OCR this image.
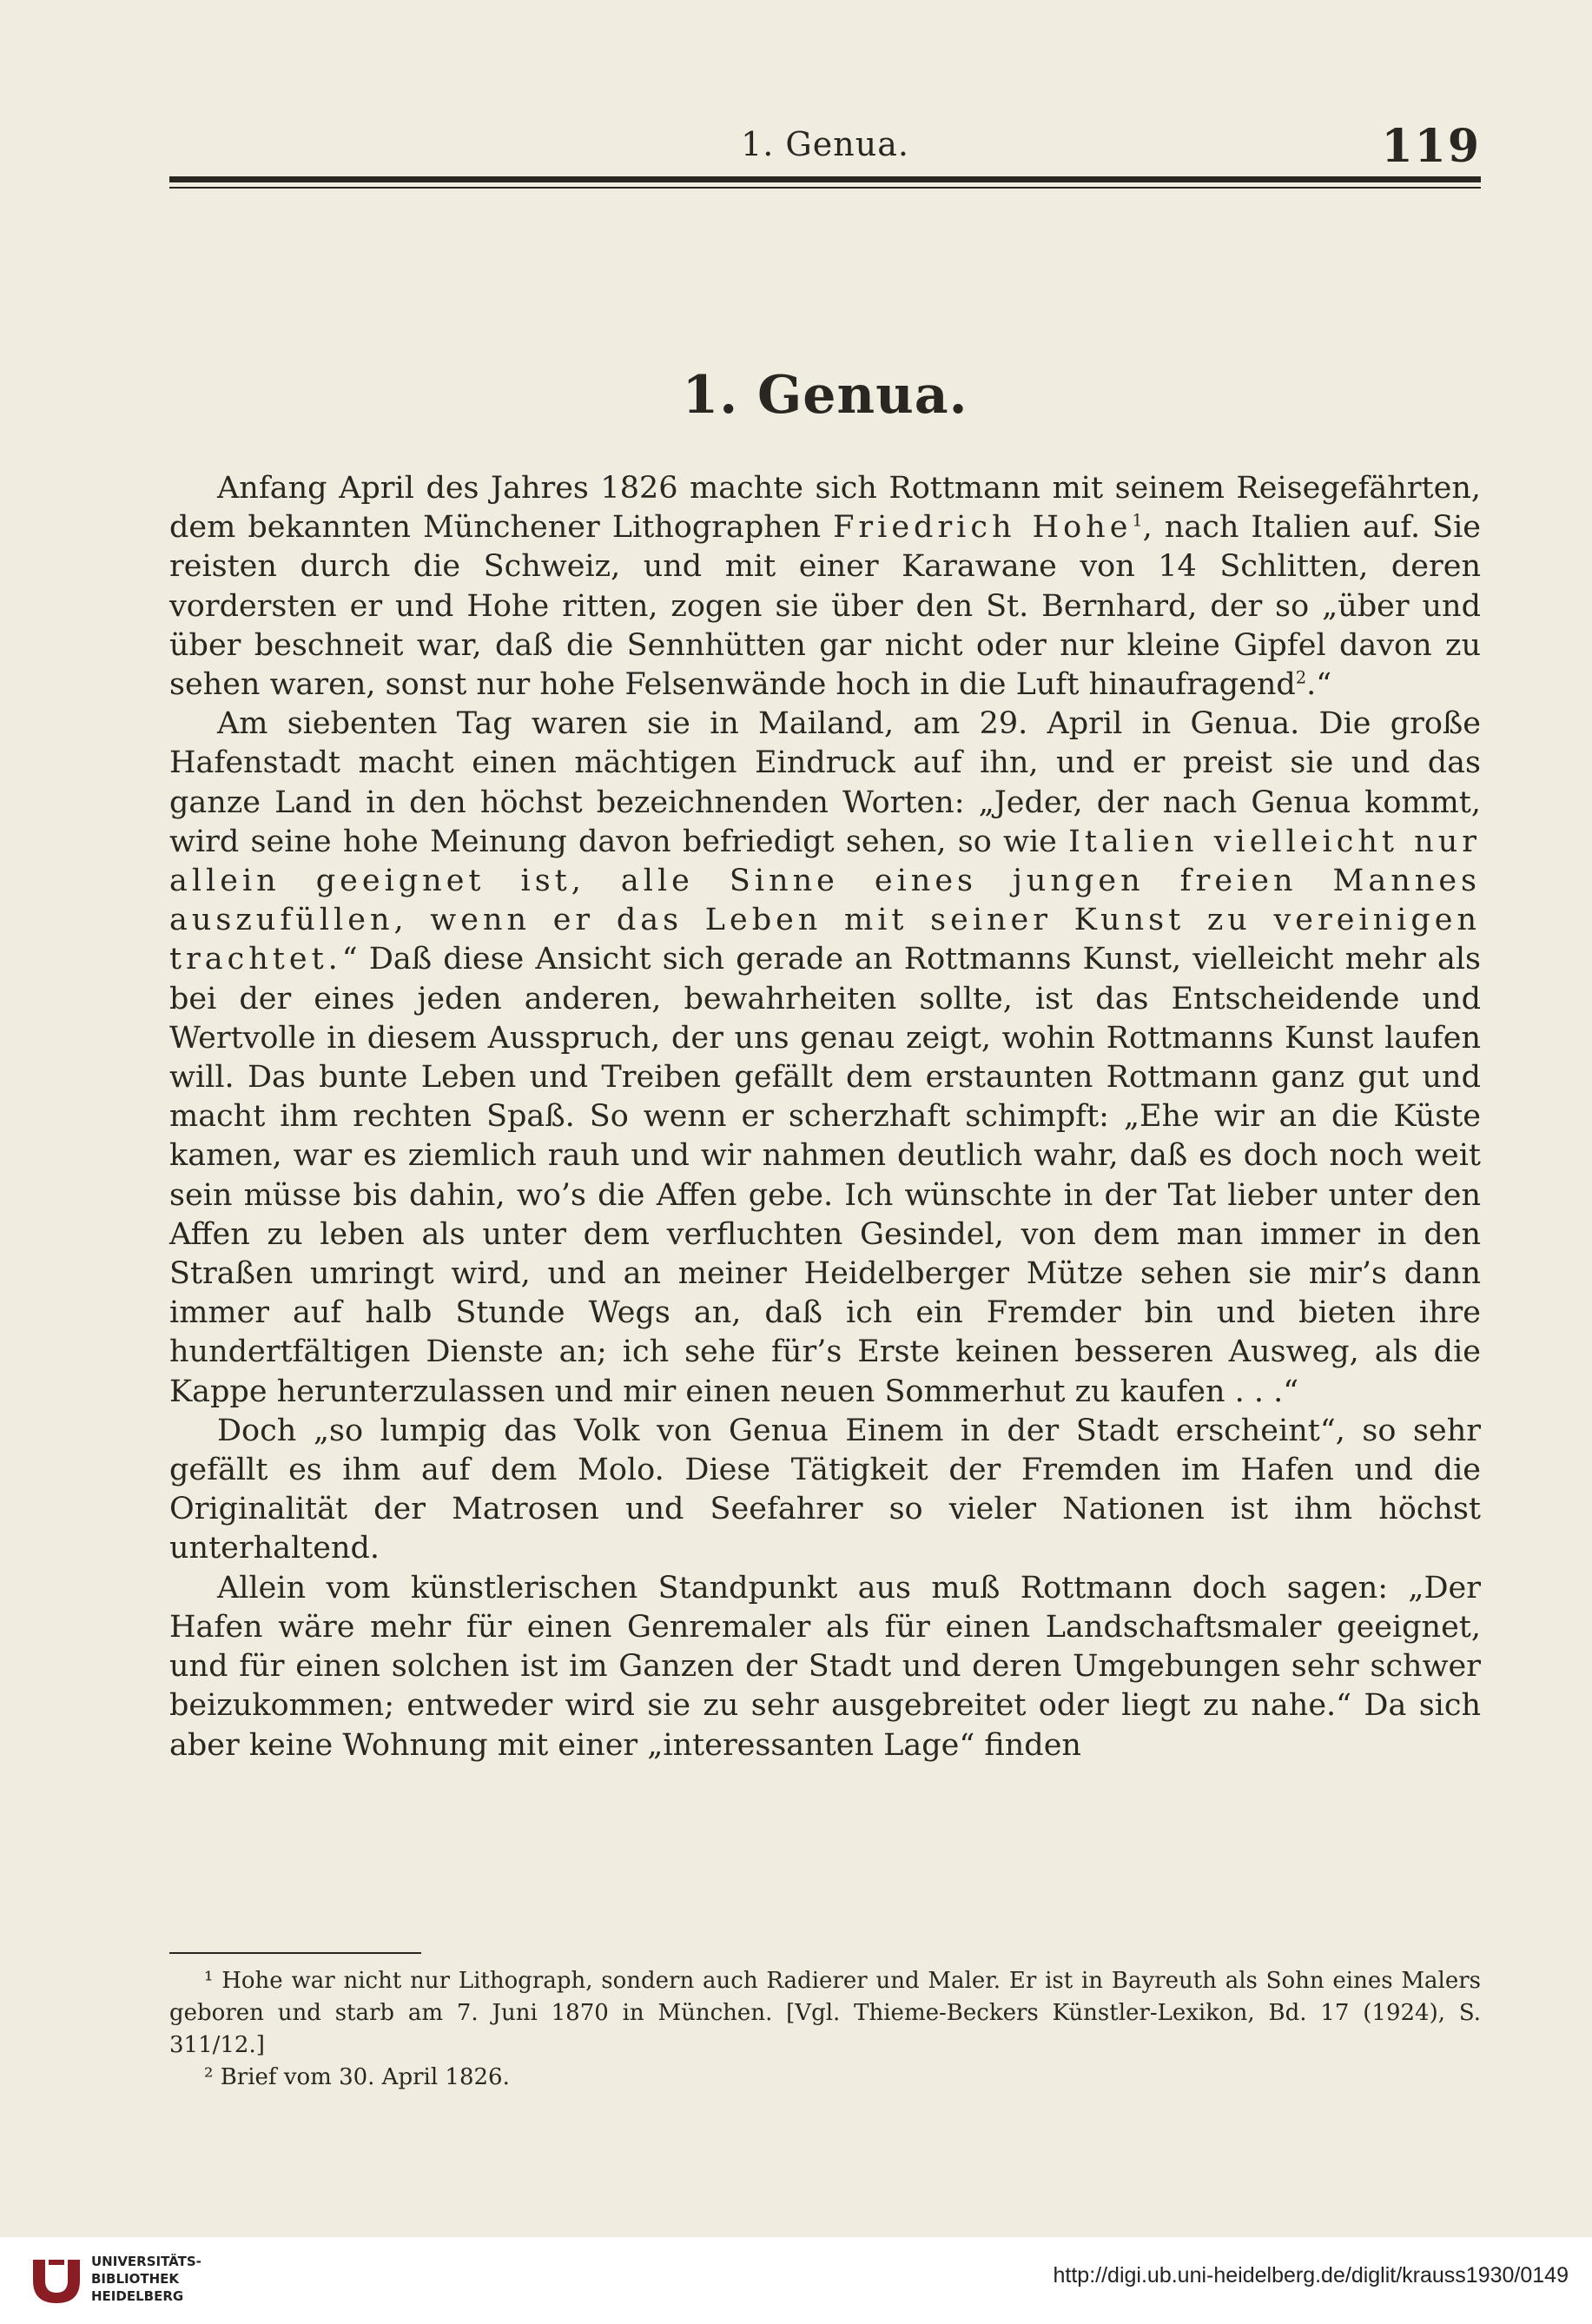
1. Genua.	119
1. Genua.

Anfang April des Jahres 1826 machte sich Rottmann mit seinem Reisegefährten, dem bekannten Münchener Lithographen Friedrich Hohe$^1$, nach Italien auf. Sie reisten durch die Schweiz, und mit einer Karawane von 14 Schlitten, deren vordersten er und Hohe ritten, zogen sie über den St. Bernhard, der so „über und über beschneit war, daß die Sennhütten gar nicht oder nur kleine Gipfel davon zu sehen waren, sonst nur hohe Felsenwände hoch in die Luft hinaufragend$^2$.“

Am siebenten Tag waren sie in Mailand, am 29. April in Genua. Die große Hafenstadt macht einen mächtigen Eindruck auf ihn, und er preist sie und das ganze Land in den höchst bezeichnenden Worten: „Jeder, der nach Genua kommt, wird seine hohe Meinung davon befriedigt sehen, so wie Italien vielleicht nur allein geeignet ist, alle Sinne eines jungen freien Mannes auszufüllen, wenn er das Leben mit seiner Kunst zu vereinigen trachtet.“ Daß diese Ansicht sich gerade an Rottmanns Kunst, vielleicht mehr als bei der eines jeden anderen, bewahrheiten sollte, ist das Entscheidende und Wertvolle in diesem Ausspruch, der uns genau zeigt, wohin Rottmanns Kunst laufen will. Das bunte Leben und Treiben gefällt dem erstaunten Rottmann ganz gut und macht ihm rechten Spaß. So wenn er scherzhaft schimpft: „Ehe wir an die Küste kamen, war es ziemlich rauh und wir nahmen deutlich wahr, daß es doch noch weit sein müsse bis dahin, wo’s die Affen gebe. Ich wünschte in der Tat lieber unter den Affen zu leben als unter dem verfluchten Gesindel, von dem man immer in den Straßen umringt wird, und an meiner Heidelberger Mütze sehen sie mir’s dann immer auf halb Stunde Wegs an, daß ich ein Fremder bin und bieten ihre hundertfältigen Dienste an; ich sehe für’s Erste keinen besseren Ausweg, als die Kappe herunterzulassen und mir einen neuen Sommerhut zu kaufen . . .“

Doch „so lumpig das Volk von Genua Einem in der Stadt erscheint“, so sehr gefällt es ihm auf dem Molo. Diese Tätigkeit der Fremden im Hafen und die Originalität der Matrosen und Seefahrer so vieler Nationen ist ihm höchst unterhaltend.

Allein vom künstlerischen Standpunkt aus muß Rottmann doch sagen: „Der Hafen wäre mehr für einen Genremaler als für einen Landschaftsmaler geeignet, und für einen solchen ist im Ganzen der Stadt und deren Umgebungen sehr schwer beizukommen; entweder wird sie zu sehr ausgebreitet oder liegt zu nahe.“ Da sich aber keine Wohnung mit einer „interessanten Lage“ finden

¹ Hohe war nicht nur Lithograph, sondern auch Radierer und Maler. Er ist in Bayreuth als Sohn eines Malers geboren und starb am 7. Juni 1870 in München. [Vgl. Thieme-Beckers Künstler-Lexikon, Bd. 17 (1924), S. 311/12.]

² Brief vom 30. April 1826.

UNIVERSITÄTS-
BIBLIOTHEK
HEIDELBERG
http://digi.ub.uni-heidelberg.de/diglit/krauss1930/0149
